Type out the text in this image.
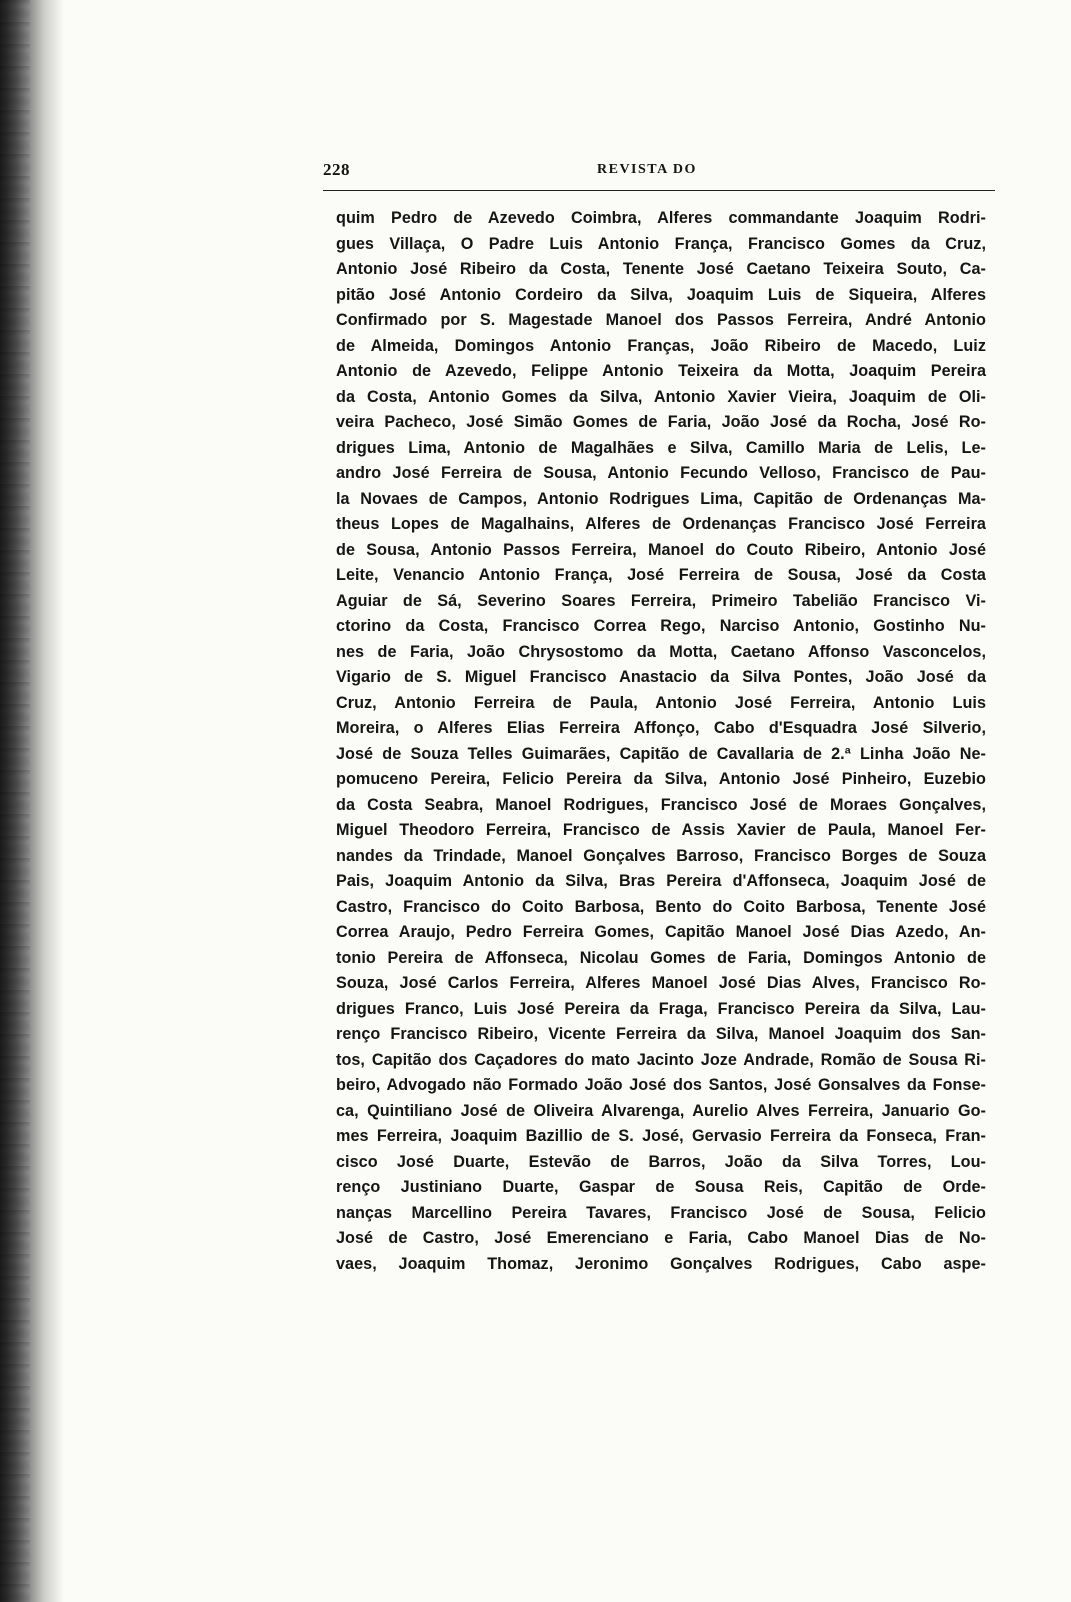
228	REVISTA DO
quim Pedro de Azevedo Coimbra, Alferes commandante Joaquim Rodri-
gues Villaça, O Padre Luis Antonio França, Francisco Gomes da Cruz,
Antonio José Ribeiro da Costa, Tenente José Caetano Teixeira Souto, Ca-
pitão José Antonio Cordeiro da Silva, Joaquim Luis de Siqueira, Alferes
Confirmado por S. Magestade Manoel dos Passos Ferreira, André Antonio
de Almeida, Domingos Antonio Franças, João Ribeiro de Macedo, Luiz
Antonio de Azevedo, Felippe Antonio Teixeira da Motta, Joaquim Pereira
da Costa, Antonio Gomes da Silva, Antonio Xavier Vieira, Joaquim de Oli-
veira Pacheco, José Simão Gomes de Faria, João José da Rocha, José Ro-
drigues Lima, Antonio de Magalhães e Silva, Camillo Maria de Lelis, Le-
andro José Ferreira de Sousa, Antonio Fecundo Velloso, Francisco de Pau-
la Novaes de Campos, Antonio Rodrigues Lima, Capitão de Ordenanças Ma-
theus Lopes de Magalhains, Alferes de Ordenanças Francisco José Ferreira
de Sousa, Antonio Passos Ferreira, Manoel do Couto Ribeiro, Antonio José
Leite, Venancio Antonio França, José Ferreira de Sousa, José da Costa
Aguiar de Sá, Severino Soares Ferreira, Primeiro Tabelião Francisco Vi-
ctorino da Costa, Francisco Correa Rego, Narciso Antonio, Gostinho Nu-
nes de Faria, João Chrysostomo da Motta, Caetano Affonso Vasconcelos,
Vigario de S. Miguel Francisco Anastacio da Silva Pontes, João José da
Cruz, Antonio Ferreira de Paula, Antonio José Ferreira, Antonio Luis
Moreira, o Alferes Elias Ferreira Affonço, Cabo d'Esquadra José Silverio,
José de Souza Telles Guimarães, Capitão de Cavallaria de 2.ª Linha João Ne-
pomuceno Pereira, Felicio Pereira da Silva, Antonio José Pinheiro, Euzebio
da Costa Seabra, Manoel Rodrigues, Francisco José de Moraes Gonçalves,
Miguel Theodoro Ferreira, Francisco de Assis Xavier de Paula, Manoel Fer-
nandes da Trindade, Manoel Gonçalves Barroso, Francisco Borges de Souza
Pais, Joaquim Antonio da Silva, Bras Pereira d'Affonseca, Joaquim José de
Castro, Francisco do Coito Barbosa, Bento do Coito Barbosa, Tenente José
Correa Araujo, Pedro Ferreira Gomes, Capitão Manoel José Dias Azedo, An-
tonio Pereira de Affonseca, Nicolau Gomes de Faria, Domingos Antonio de
Souza, José Carlos Ferreira, Alferes Manoel José Dias Alves, Francisco Ro-
drigues Franco, Luis José Pereira da Fraga, Francisco Pereira da Silva, Lau-
renço Francisco Ribeiro, Vicente Ferreira da Silva, Manoel Joaquim dos San-
tos, Capitão dos Caçadores do mato Jacinto Joze Andrade, Romão de Sousa Ri-
beiro, Advogado não Formado João José dos Santos, José Gonsalves da Fonse-
ca, Quintiliano José de Oliveira Alvarenga, Aurelio Alves Ferreira, Januario Go-
mes Ferreira, Joaquim Bazillio de S. José, Gervasio Ferreira da Fonseca, Fran-
cisco José Duarte, Estevão de Barros, João da Silva Torres, Lou-
renço Justiniano Duarte, Gaspar de Sousa Reis, Capitão de Orde-
nanças Marcellino Pereira Tavares, Francisco José de Sousa, Felicio
José de Castro, José Emerenciano e Faria, Cabo Manoel Dias de No-
vaes, Joaquim Thomaz, Jeronimo Gonçalves Rodrigues, Cabo aspe-
